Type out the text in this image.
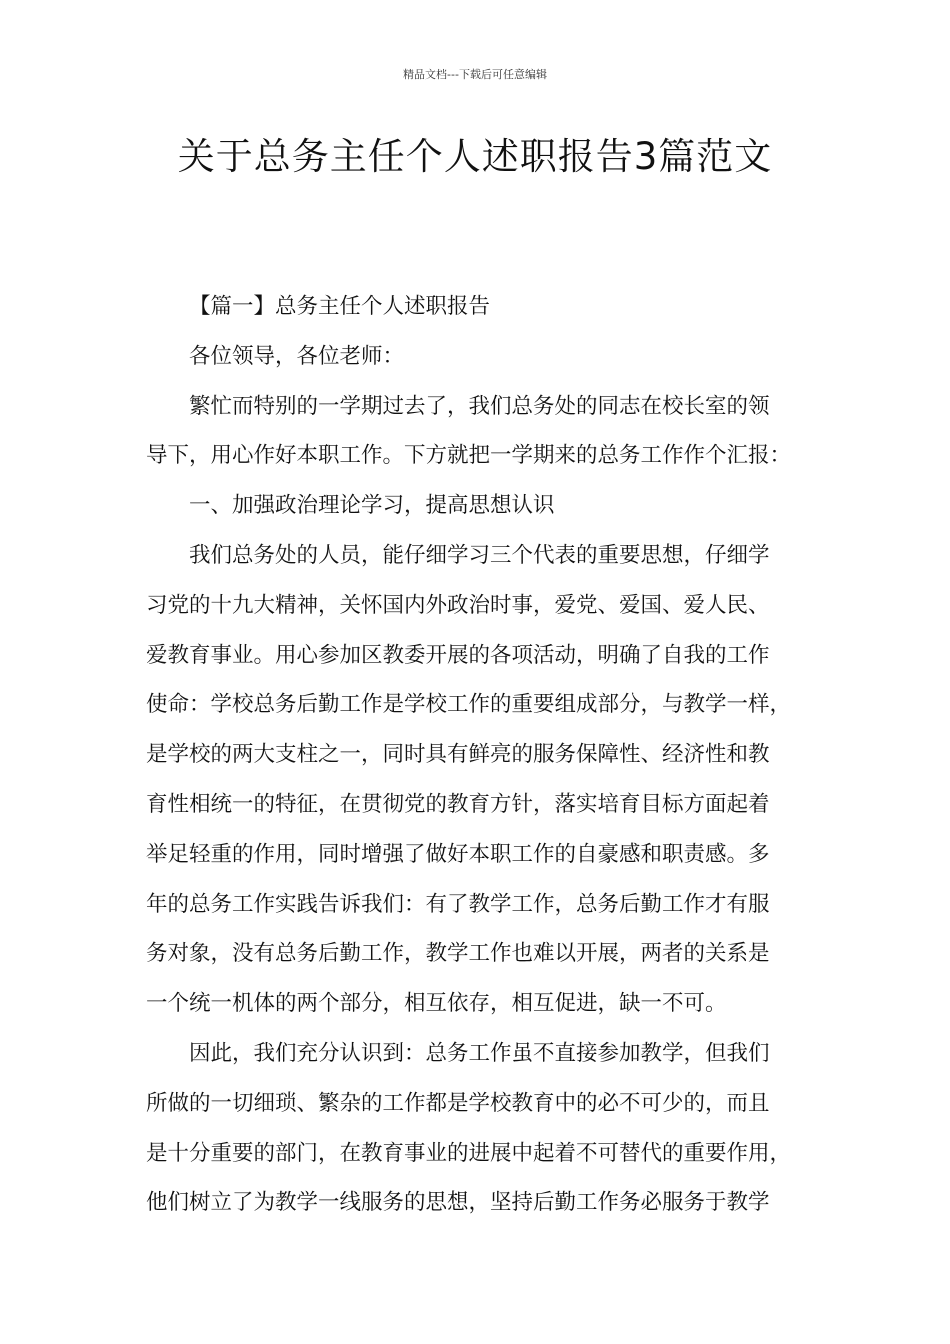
精品文档---下载后可任意编辑
关于总务主任个人述职报告3篇范文
【篇一】总务主任个人述职报告
各位领导，各位老师：
繁忙而特别的一学期过去了，我们总务处的同志在校长室的领
导下，用心作好本职工作。下方就把一学期来的总务工作作个汇报：
一、加强政治理论学习，提高思想认识
我们总务处的人员，能仔细学习三个代表的重要思想，仔细学
习党的十九大精神，关怀国内外政治时事，爱党、爱国、爱人民、
爱教育事业。用心参加区教委开展的各项活动，明确了自我的工作
使命：学校总务后勤工作是学校工作的重要组成部分，与教学一样，
是学校的两大支柱之一，同时具有鲜亮的服务保障性、经济性和教
育性相统一的特征，在贯彻党的教育方针，落实培育目标方面起着
举足轻重的作用，同时增强了做好本职工作的自豪感和职责感。多
年的总务工作实践告诉我们：有了教学工作，总务后勤工作才有服
务对象，没有总务后勤工作，教学工作也难以开展，两者的关系是
一个统一机体的两个部分，相互依存，相互促进，缺一不可。
因此，我们充分认识到：总务工作虽不直接参加教学，但我们
所做的一切细琐、繁杂的工作都是学校教育中的必不可少的，而且
是十分重要的部门，在教育事业的进展中起着不可替代的重要作用，
他们树立了为教学一线服务的思想，坚持后勤工作务必服务于教学
